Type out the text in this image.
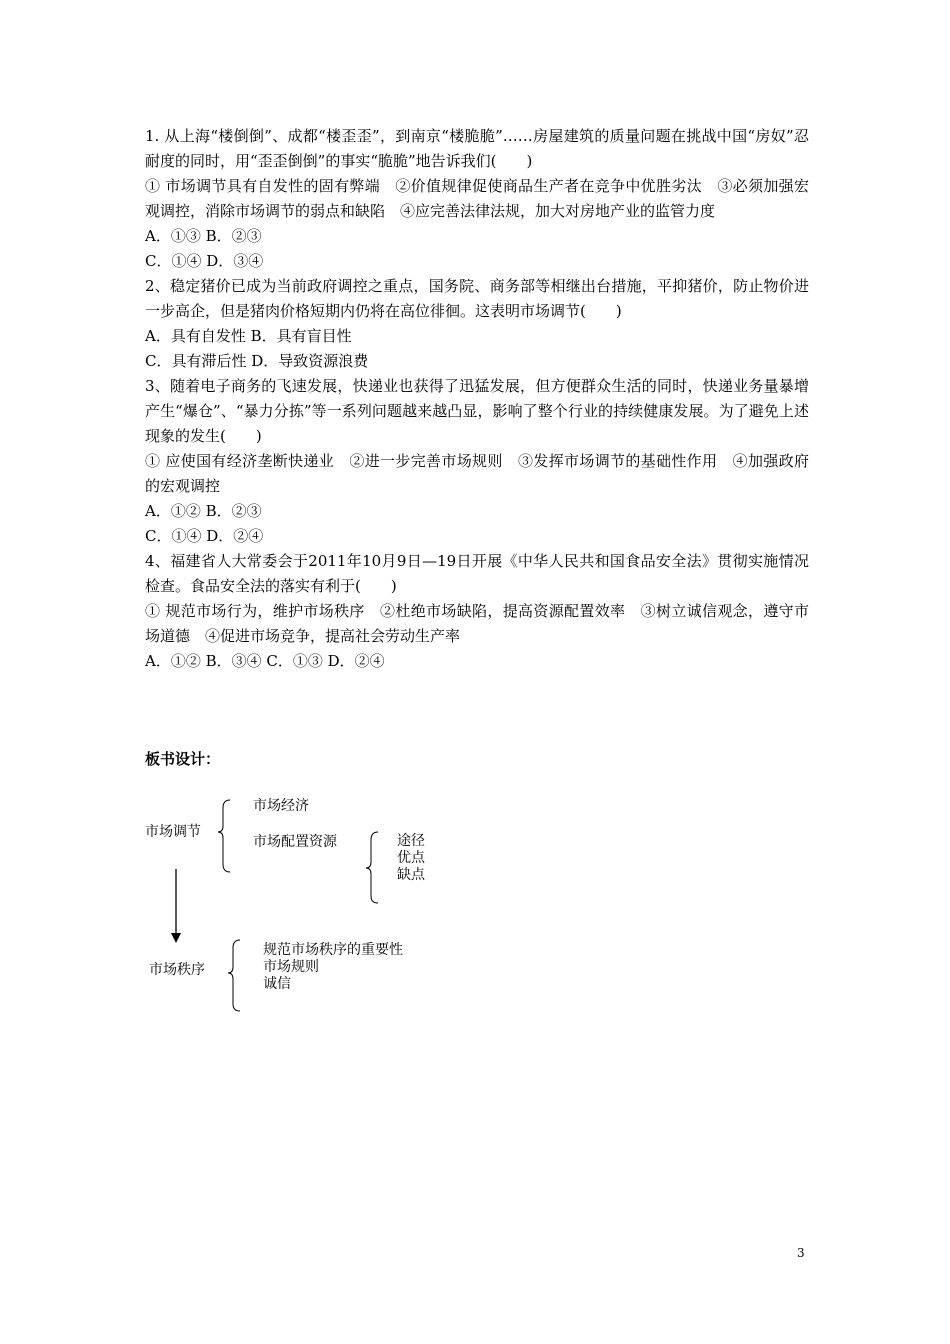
1. 从上海“楼倒倒”、成都“楼歪歪”，到南京“楼脆脆”……房屋建筑的质量问题在挑战中国“房奴”忍耐度的同时，用“歪歪倒倒”的事实“脆脆”地告诉我们(　　)

① 市场调节具有自发性的固有弊端　②价值规律促使商品生产者在竞争中优胜劣汰　③必须加强宏观调控，消除市场调节的弱点和缺陷　④应完善法律法规，加大对房地产业的监管力度

A．①③ B．②③

C．①④ D．③④

2、稳定猪价已成为当前政府调控之重点，国务院、商务部等相继出台措施，平抑猪价，防止物价进一步高企，但是猪肉价格短期内仍将在高位徘徊。这表明市场调节(　　)

A．具有自发性 B．具有盲目性

C．具有滞后性 D．导致资源浪费

3、随着电子商务的飞速发展，快递业也获得了迅猛发展，但方便群众生活的同时，快递业务量暴增产生“爆仓”、“暴力分拣”等一系列问题越来越凸显，影响了整个行业的持续健康发展。为了避免上述现象的发生(　　)

① 应使国有经济垄断快递业　②进一步完善市场规则　③发挥市场调节的基础性作用　④加强政府的宏观调控

A．①② B．②③

C．①④ D．②④

4、福建省人大常委会于2011年10月9日—19日开展《中华人民共和国食品安全法》贯彻实施情况检查。食品安全法的落实有利于(　　)

① 规范市场行为，维护市场秩序　②杜绝市场缺陷，提高资源配置效率　③树立诚信观念，遵守市场道德　④促进市场竞争，提高社会劳动生产率

A．①② B．③④ C．①③ D．②④

板书设计：
市场调节
市场经济
市场配置资源	途径
优点
缺点
市场秩序
规范市场秩序的重要性
市场规则
诚信
3
